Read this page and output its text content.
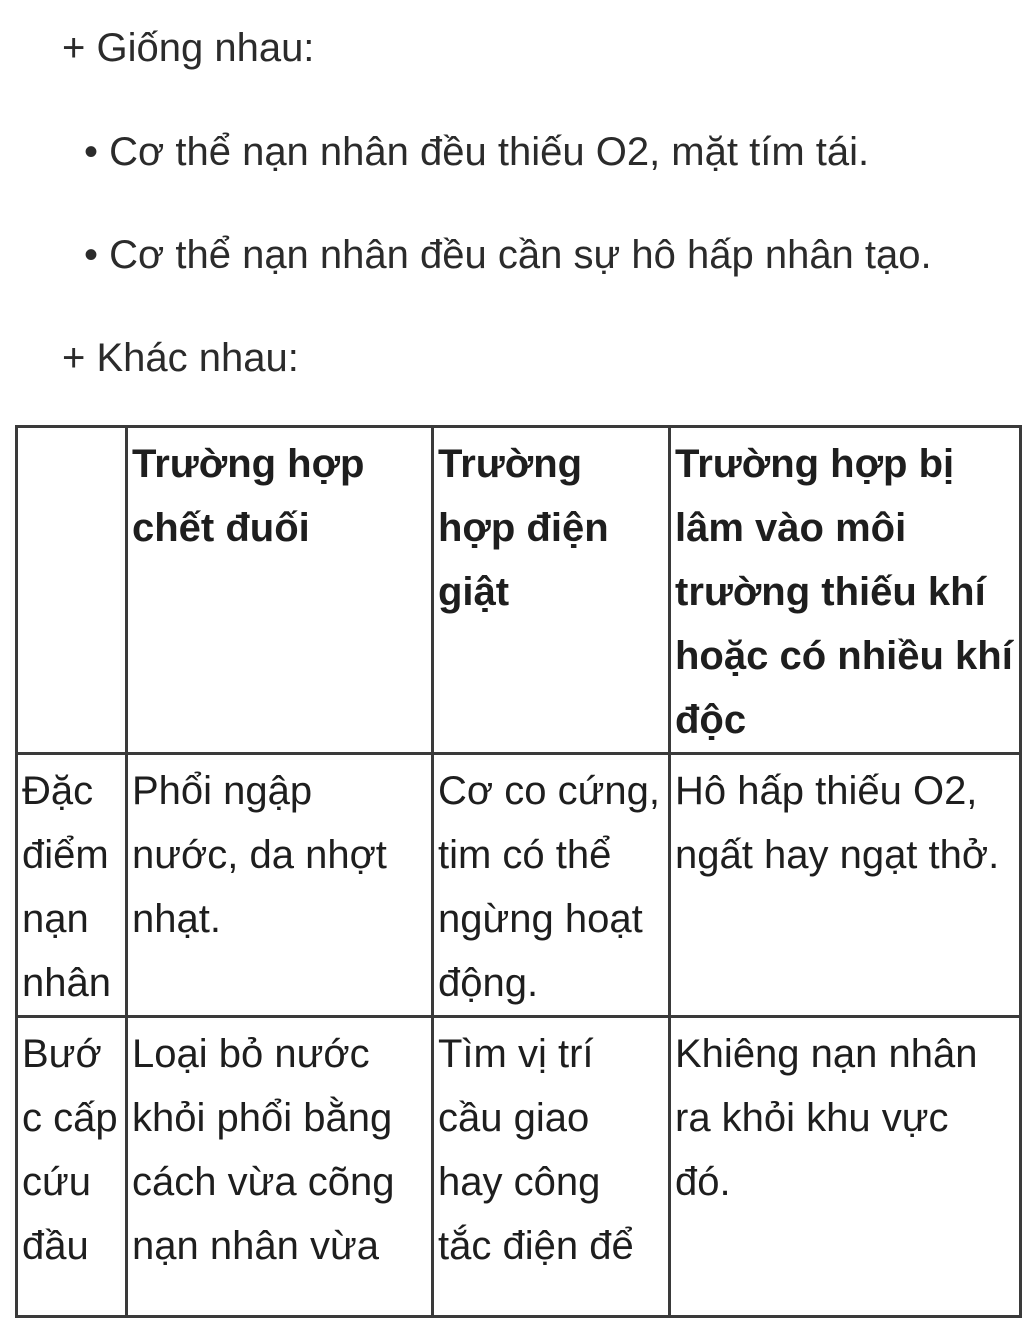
+ Giống nhau:
• Cơ thể nạn nhân đều thiếu O2, mặt tím tái.
• Cơ thể nạn nhân đều cần sự hô hấp nhân tạo.
+ Khác nhau:
	Trường hợp chết đuối	Trường hợp điện giật	Trường hợp bị lâm vào môi trường thiếu khí hoặc có nhiều khí độc
Đặc điểm nạn nhân	Phổi ngập nước, da nhợt nhạt.	Cơ co cứng, tim có thể ngừng hoạt động.	Hô hấp thiếu O2, ngất hay ngạt thở.
Bước cấp cứu đầu	Loại bỏ nước khỏi phổi bằng cách vừa cõng nạn nhân vừa	Tìm vị trí cầu giao hay công tắc điện để	Khiêng nạn nhân ra khỏi khu vực đó.
